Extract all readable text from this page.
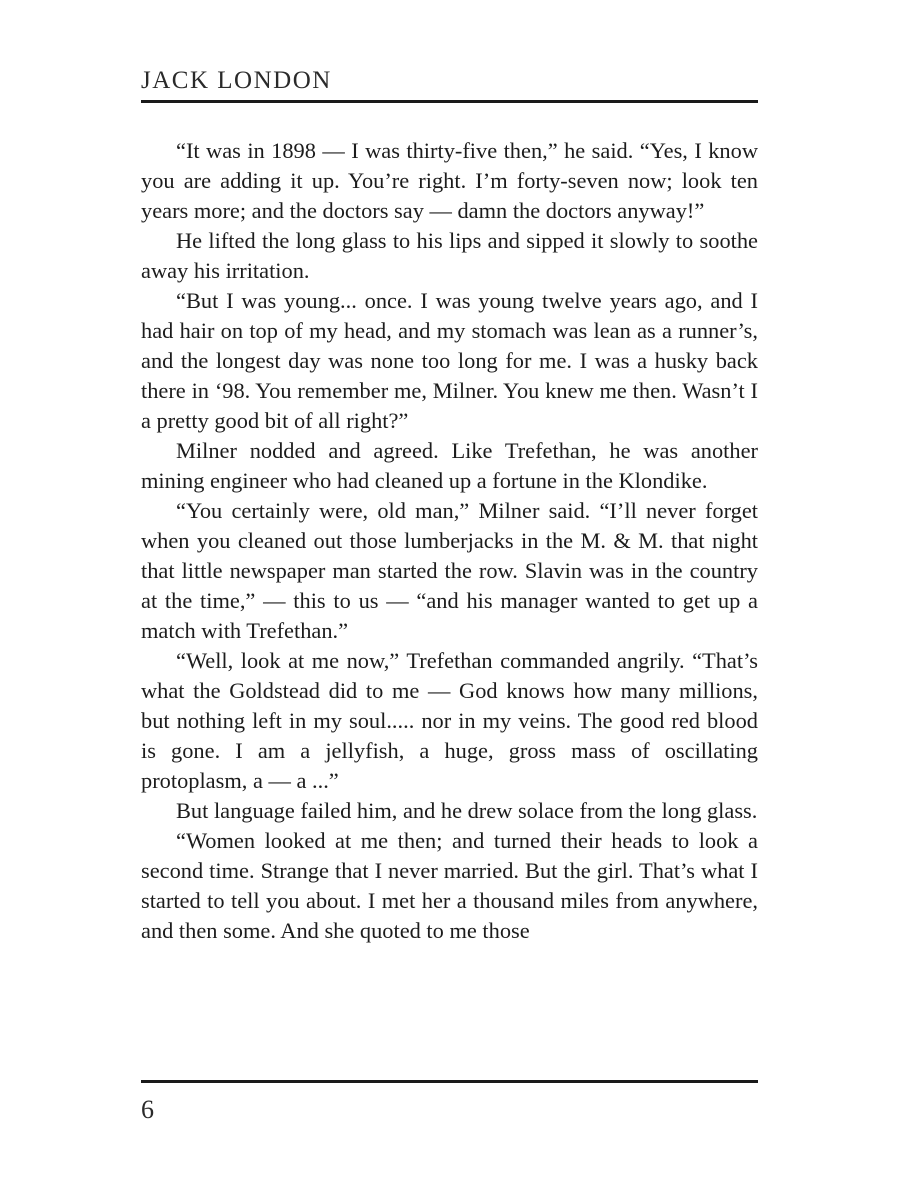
JACK LONDON

“It was in 1898 — I was thirty-five then,” he said. “Yes, I know you are adding it up. You’re right. I’m forty-seven now; look ten years more; and the doctors say — damn the doctors anyway!”

He lifted the long glass to his lips and sipped it slowly to soothe away his irritation.

“But I was young... once. I was young twelve years ago, and I had hair on top of my head, and my stomach was lean as a runner’s, and the longest day was none too long for me. I was a husky back there in ‘98. You remember me, Milner. You knew me then. Wasn’t I a pretty good bit of all right?”

Milner nodded and agreed. Like Trefethan, he was another mining engineer who had cleaned up a fortune in the Klondike.

“You certainly were, old man,” Milner said. “I’ll never forget when you cleaned out those lumberjacks in the M. & M. that night that little newspaper man started the row. Slavin was in the country at the time,” — this to us — “and his manager wanted to get up a match with Trefethan.”

“Well, look at me now,” Trefethan commanded angrily. “That’s what the Goldstead did to me — God knows how many millions, but nothing left in my soul..... nor in my veins. The good red blood is gone. I am a jellyfish, a huge, gross mass of oscillating protoplasm, a — a ...”

But language failed him, and he drew solace from the long glass.

“Women looked at me then; and turned their heads to look a second time. Strange that I never married. But the girl. That’s what I started to tell you about. I met her a thousand miles from anywhere, and then some. And she quoted to me those

6
